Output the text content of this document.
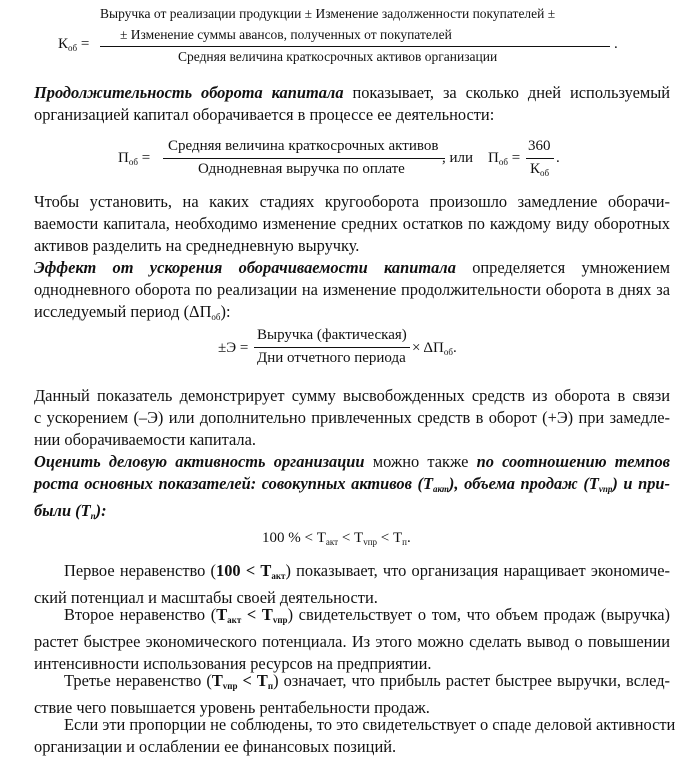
Выручка от реализации продукции ± Изменение задолженности покупателей ±
± Изменение суммы авансов, полученных от покупателей
$К_{об}$ =
Средняя величина краткосрочных активов организации
.
Продолжительность оборота капитала показывает, за сколько дней используемый
организацией капитал оборачивается в процессе ее деятельности:
$П_{об}$ =
Средняя величина краткосрочных активов
Однодневная выручка по оплате
, или $П_{об}$ =
360
$К_{об}$
.
Чтобы установить, на каких стадиях кругооборота произошло замедление оборачи-
ваемости капитала, необходимо изменение средних остатков по каждому виду оборотных
активов разделить на среднедневную выручку.
Эффект от ускорения оборачиваемости капитала определяется умножением
однодневного оборота по реализации на изменение продолжительности оборота в днях за
исследуемый период $(\Delta П_{об})$:
±Э =
Выручка (фактическая)
Дни отчетного периода
× $\Delta П_{об}$.
Данный показатель демонстрирует сумму высвобожденных средств из оборота в связи
с ускорением (–Э) или дополнительно привлеченных средств в оборот (+Э) при замедле-
нии оборачиваемости капитала.
Оценить деловую активность организации можно также по соотношению темпов
роста основных показателей: совокупных активов $(Т_{акт})$, объема продаж $(Т_{vпр})$ и при-
были $(Т_п)$:
100 % < $Т_{акт} < Т_{vпр} < Т_п$.
Первое неравенство $(100 < Т_{акт})$ показывает, что организация наращивает экономиче-
ский потенциал и масштабы своей деятельности.
Второе неравенство $(Т_{акт} < Т_{vпр})$ свидетельствует о том, что объем продаж (выручка)
растет быстрее экономического потенциала. Из этого можно сделать вывод о повышении
интенсивности использования ресурсов на предприятии.
Третье неравенство $(Т_{vпр} < Т_п)$ означает, что прибыль растет быстрее выручки, вслед-
ствие чего повышается уровень рентабельности продаж.
Если эти пропорции не соблюдены, то это свидетельствует о спаде деловой активности
организации и ослаблении ее финансовых позиций.
